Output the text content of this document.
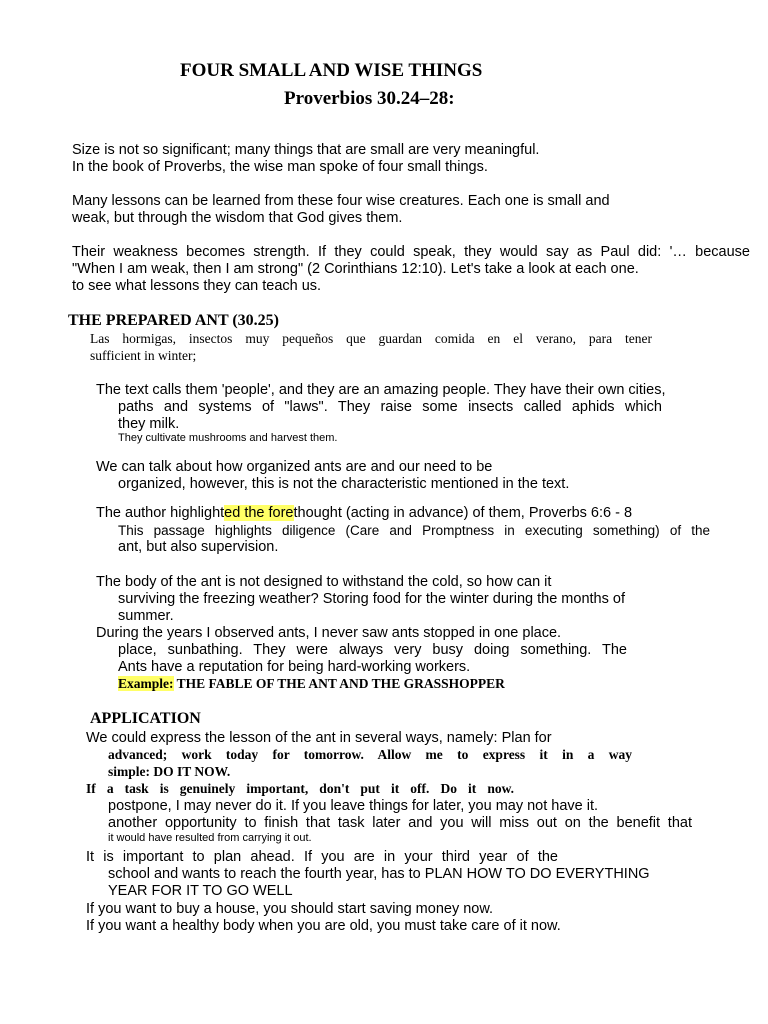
FOUR SMALL AND WISE THINGS
Proverbios 30.24–28:
Size is not so significant; many things that are small are very meaningful.
In the book of Proverbs, the wise man spoke of four small things.
Many lessons can be learned from these four wise creatures. Each one is small and
weak, but through the wisdom that God gives them.
Their weakness becomes strength. If they could speak, they would say as Paul did: '… because
"When I am weak, then I am strong" (2 Corinthians 12:10). Let's take a look at each one.
to see what lessons they can teach us.
THE PREPARED ANT (30.25)
Las hormigas, insectos muy pequeños que guardan comida en el verano, para tener
sufficient in winter;
The text calls them 'people', and they are an amazing people. They have their own cities,
paths and systems of "laws". They raise some insects called aphids which
they milk.
They cultivate mushrooms and harvest them.
We can talk about how organized ants are and our need to be
organized, however, this is not the characteristic mentioned in the text.
The author highlighted the forethought (acting in advance) of them, Proverbs 6:6 - 8
This passage highlights diligence (Care and Promptness in executing something) of the
ant, but also supervision.
The body of the ant is not designed to withstand the cold, so how can it
surviving the freezing weather? Storing food for the winter during the months of
summer.
During the years I observed ants, I never saw ants stopped in one place.
place, sunbathing. They were always very busy doing something. The
Ants have a reputation for being hard-working workers.
Example: THE FABLE OF THE ANT AND THE GRASSHOPPER
APPLICATION
We could express the lesson of the ant in several ways, namely: Plan for
advanced; work today for tomorrow. Allow me to express it in a way
simple: DO IT NOW.
If a task is genuinely important, don't put it off. Do it now.
postpone, I may never do it. If you leave things for later, you may not have it.
another opportunity to finish that task later and you will miss out on the benefit that
it would have resulted from carrying it out.
It is important to plan ahead. If you are in your third year of the
school and wants to reach the fourth year, has to PLAN HOW TO DO EVERYTHING
YEAR FOR IT TO GO WELL
If you want to buy a house, you should start saving money now.
If you want a healthy body when you are old, you must take care of it now.
